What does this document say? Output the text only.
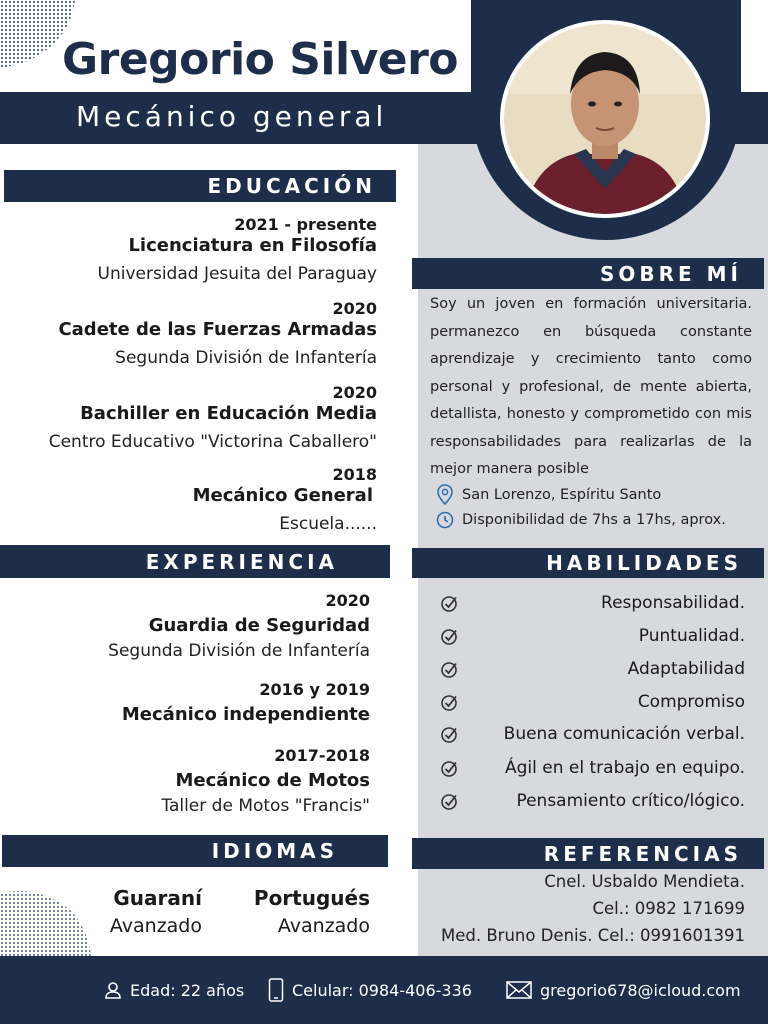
Gregorio Silvero
Mecánico general
EDUCACIÓN
2021 - presente
Licenciatura en Filosofía
Universidad Jesuita del Paraguay
2020
Cadete de las Fuerzas Armadas
Segunda División de Infantería
2020
Bachiller en Educación Media
Centro Educativo "Victorina Caballero"
2018
Mecánico General
Escuela......
SOBRE MÍ
Soy un joven en formación universitaria. permanezco en búsqueda constante aprendizaje y crecimiento tanto como personal y profesional, de mente abierta, detallista, honesto y comprometido con mis responsabilidades para realizarlas de la mejor manera posible
San Lorenzo, Espíritu Santo
Disponibilidad de 7hs a 17hs, aprox.
EXPERIENCIA
2020
Guardia de Seguridad
Segunda División de Infantería
2016 y 2019
Mecánico independiente
2017-2018
Mecánico de Motos
Taller de Motos "Francis"
HABILIDADES
Responsabilidad.
Puntualidad.
Adaptabilidad
Compromiso
Buena comunicación verbal.
Ágil en el trabajo en equipo.
Pensamiento crítico/lógico.
IDIOMAS
Guaraní
Avanzado
Portugués
Avanzado
REFERENCIAS
Cnel. Usbaldo Mendieta.
Cel.: 0982 171699
Med. Bruno Denis. Cel.: 0991601391
Edad: 22 años	Celular: 0984-406-336	gregorio678@icloud.com
